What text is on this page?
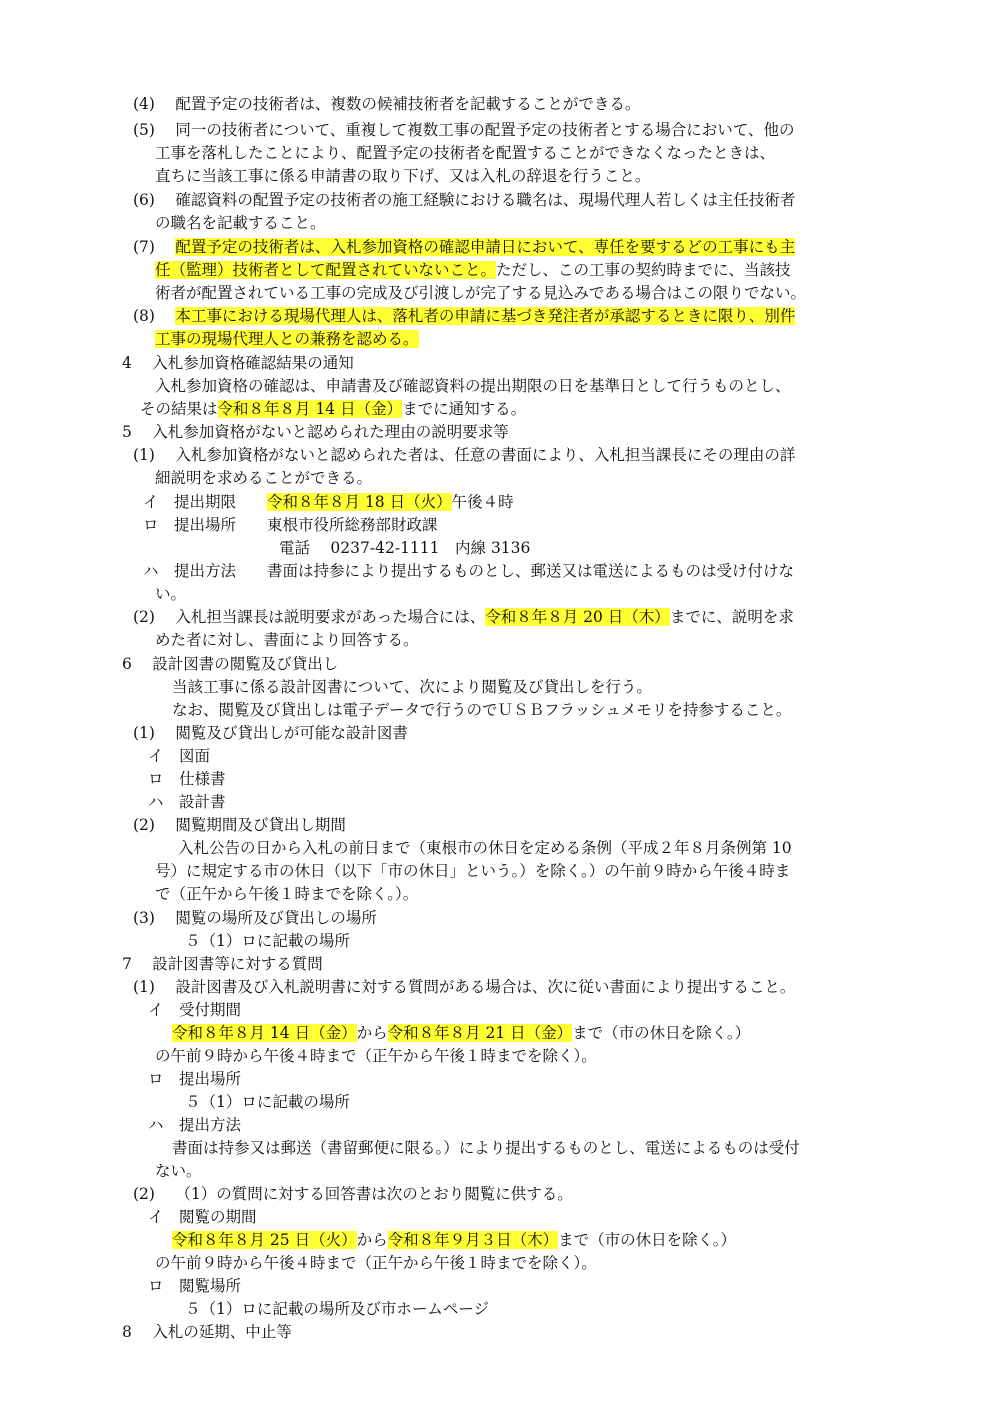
(4)　 配置予定の技術者は、複数の候補技術者を記載することができる。
(5)　 同一の技術者について、重複して複数工事の配置予定の技術者とする場合において、他の
工事を落札したことにより、配置予定の技術者を配置することができなくなったときは、
直ちに当該工事に係る申請書の取り下げ、又は入札の辞退を行うこと。
(6)　 確認資料の配置予定の技術者の施工経験における職名は、現場代理人若しくは主任技術者
の職名を記載すること。
(7)　 配置予定の技術者は、入札参加資格の確認申請日において、専任を要するどの工事にも主
任（監理）技術者として配置されていないこと。ただし、この工事の契約時までに、当該技
術者が配置されている工事の完成及び引渡しが完了する見込みである場合はこの限りでない。
(8)　 本工事における現場代理人は、落札者の申請に基づき発注者が承認するときに限り、別件
工事の現場代理人との兼務を認める。
4　 入札参加資格確認結果の通知
入札参加資格の確認は、申請書及び確認資料の提出期限の日を基準日として行うものとし、
その結果は令和８年８月 14 日（金）までに通知する。
5　 入札参加資格がないと認められた理由の説明要求等
(1)　 入札参加資格がないと認められた者は、任意の書面により、入札担当課長にその理由の詳
細説明を求めることができる。
イ　提出期限　　令和８年８月 18 日（火）午後４時
ロ　提出場所　　東根市役所総務部財政課
電話　 0237-42-1111　内線 3136
ハ　提出方法　　書面は持参により提出するものとし、郵送又は電送によるものは受け付けな
い。
(2)　 入札担当課長は説明要求があった場合には、令和８年８月 20 日（木）までに、説明を求
めた者に対し、書面により回答する。
6　 設計図書の閲覧及び貸出し
当該工事に係る設計図書について、次により閲覧及び貸出しを行う。
なお、閲覧及び貸出しは電子データで行うのでＵＳＢフラッシュメモリを持参すること。
(1)　 閲覧及び貸出しが可能な設計図書
イ　図面
ロ　仕様書
ハ　設計書
(2)　 閲覧期間及び貸出し期間
入札公告の日から入札の前日まで（東根市の休日を定める条例（平成２年８月条例第 10
号）に規定する市の休日（以下「市の休日」という。）を除く。）の午前９時から午後４時ま
で（正午から午後１時までを除く。）。
(3)　 閲覧の場所及び貸出しの場所
５（1）ロに記載の場所
7　 設計図書等に対する質問
(1)　 設計図書及び入札説明書に対する質問がある場合は、次に従い書面により提出すること。
イ　受付期間
令和８年８月 14 日（金）から令和８年８月 21 日（金）まで（市の休日を除く。）
の午前９時から午後４時まで（正午から午後１時までを除く）。
ロ　提出場所
５（1）ロに記載の場所
ハ　提出方法
書面は持参又は郵送（書留郵便に限る。）により提出するものとし、電送によるものは受付
ない。
(2)　 （1）の質問に対する回答書は次のとおり閲覧に供する。
イ　閲覧の期間
令和８年８月 25 日（火）から令和８年９月３日（木）まで（市の休日を除く。）
の午前９時から午後４時まで（正午から午後１時までを除く）。
ロ　閲覧場所
５（1）ロに記載の場所及び市ホームページ
8　 入札の延期、中止等
